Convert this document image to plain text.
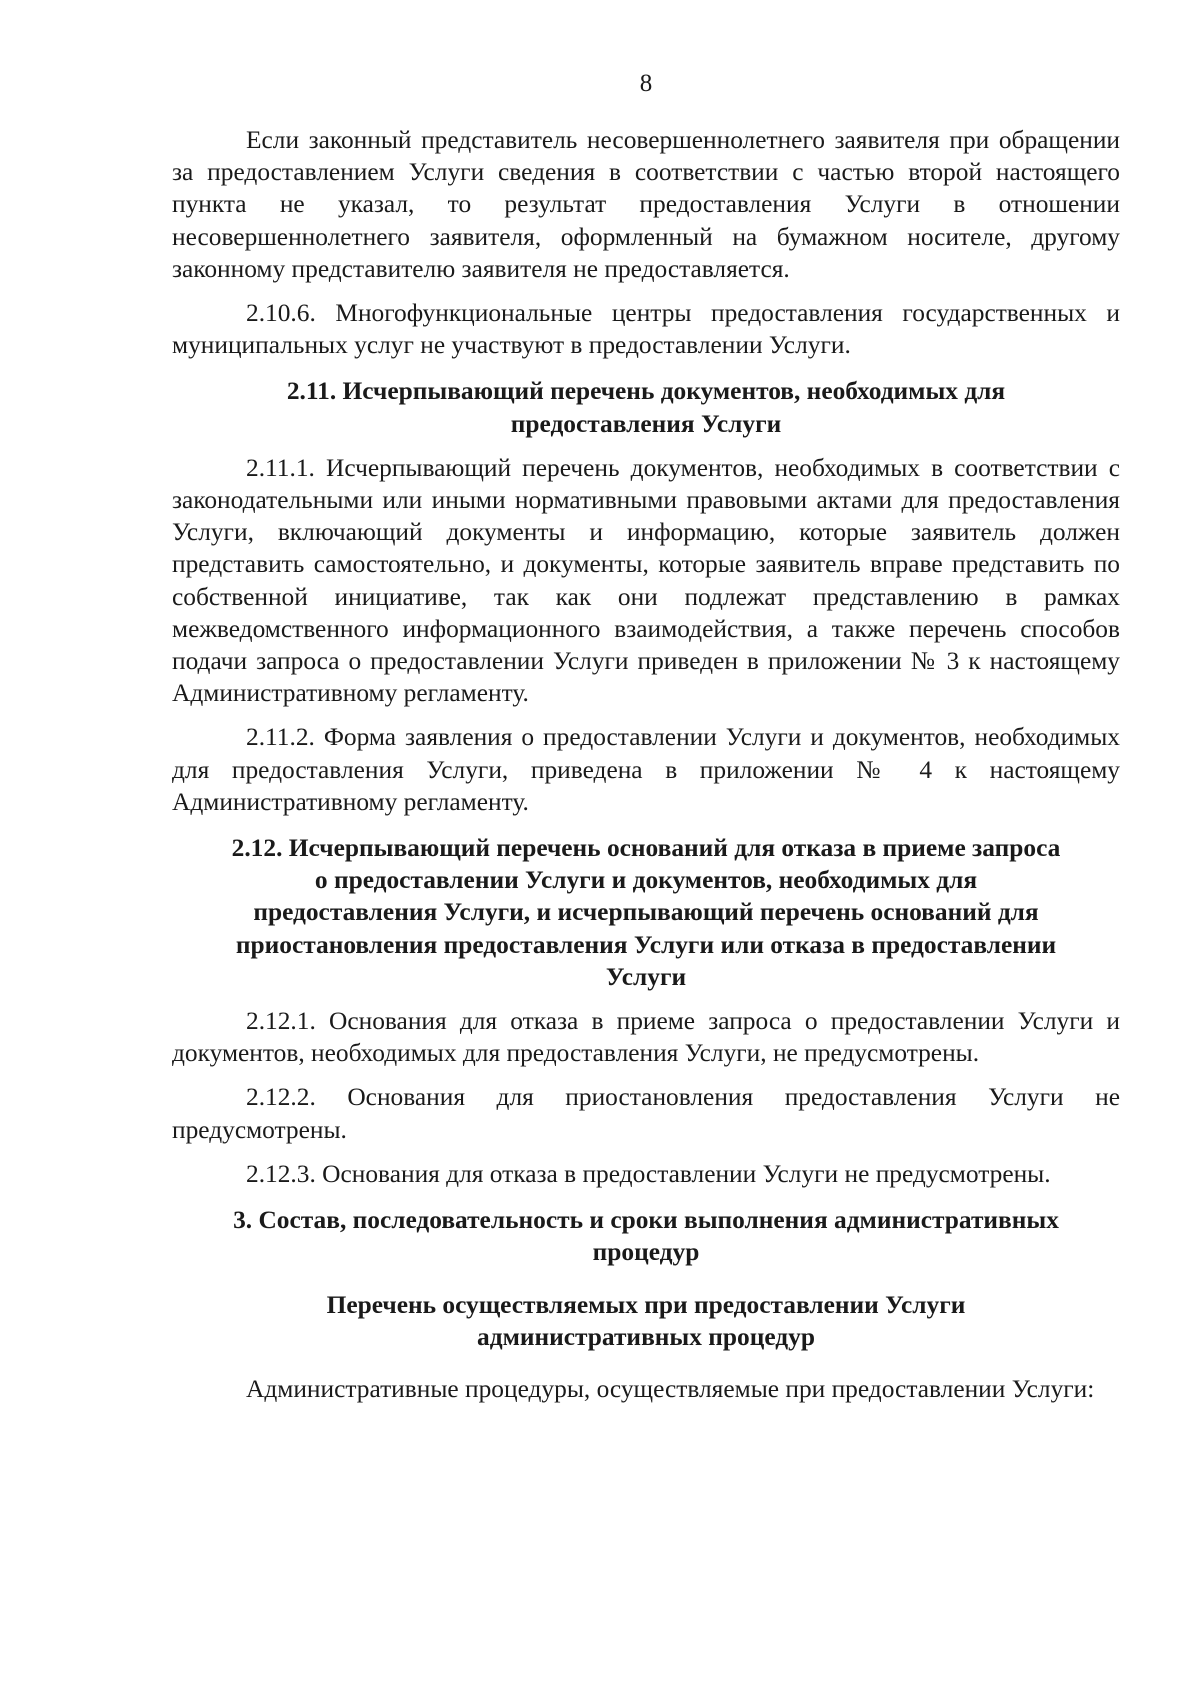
8

Если законный представитель несовершеннолетнего заявителя при обращении за предоставлением Услуги сведения в соответствии с частью второй настоящего пункта не указал, то результат предоставления Услуги в отношении несовершеннолетнего заявителя, оформленный на бумажном носителе, другому законному представителю заявителя не предоставляется.

2.10.6. Многофункциональные центры предоставления государственных и муниципальных услуг не участвуют в предоставлении Услуги.

2.11. Исчерпывающий перечень документов, необходимых для
предоставления Услуги

2.11.1. Исчерпывающий перечень документов, необходимых в соответствии с законодательными или иными нормативными правовыми актами для предоставления Услуги, включающий документы и информацию, которые заявитель должен представить самостоятельно, и документы, которые заявитель вправе представить по собственной инициативе, так как они подлежат представлению в рамках межведомственного информационного взаимодействия, а также перечень способов подачи запроса о предоставлении Услуги приведен в приложении № 3 к настоящему Административному регламенту.

2.11.2. Форма заявления о предоставлении Услуги и документов, необходимых для предоставления Услуги, приведена в приложении № 4 к настоящему Административному регламенту.

2.12. Исчерпывающий перечень оснований для отказа в приеме запроса
о предоставлении Услуги и документов, необходимых для
предоставления Услуги, и исчерпывающий перечень оснований для
приостановления предоставления Услуги или отказа в предоставлении
Услуги

2.12.1. Основания для отказа в приеме запроса о предоставлении Услуги и документов, необходимых для предоставления Услуги, не предусмотрены.

2.12.2. Основания для приостановления предоставления Услуги не предусмотрены.

2.12.3. Основания для отказа в предоставлении Услуги не предусмотрены.

3. Состав, последовательность и сроки выполнения административных
процедур
Перечень осуществляемых при предоставлении Услуги
административных процедур

Административные процедуры, осуществляемые при предоставлении Услуги:
